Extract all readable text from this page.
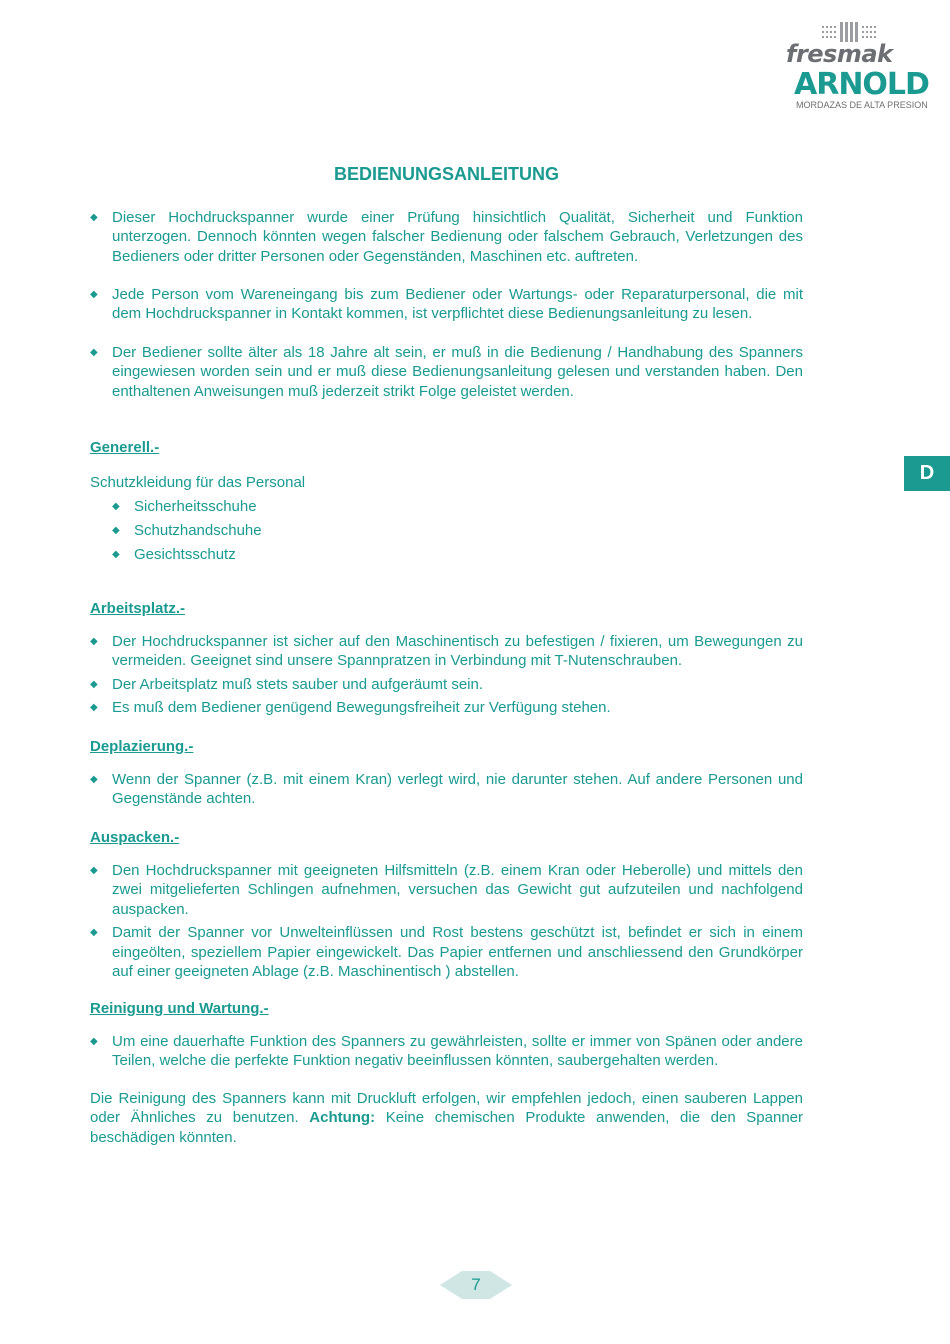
fresmak
ARNOLD
MORDAZAS DE ALTA PRESION
BEDIENUNGSANLEITUNG
◆ Dieser Hochdruckspanner wurde einer Prüfung hinsichtlich Qualität, Sicherheit und Funktion unterzogen. Dennoch könnten wegen falscher Bedienung oder falschem Gebrauch, Verletzungen des Bedieners oder dritter Personen oder Gegenständen, Maschinen etc. auftreten.
◆ Jede Person vom Wareneingang bis zum Bediener oder Wartungs- oder Reparaturpersonal, die mit dem Hochdruckspanner in Kontakt kommen, ist verpflichtet diese Bedienungsanleitung zu lesen.
◆ Der Bediener sollte älter als 18 Jahre alt sein, er muß in die Bedienung / Handhabung des Spanners eingewiesen worden sein und er muß diese Bedienungsanleitung gelesen und verstanden haben. Den enthaltenen Anweisungen muß jederzeit strikt Folge geleistet werden.
Generell.-
Schutzkleidung für das Personal
◆ Sicherheitsschuhe
◆ Schutzhandschuhe
◆ Gesichtsschutz
Arbeitsplatz.-
◆ Der Hochdruckspanner ist sicher auf den Maschinentisch zu befestigen / fixieren, um Bewegungen zu vermeiden. Geeignet sind unsere Spannpratzen in Verbindung mit T-Nutenschrauben.
◆ Der Arbeitsplatz muß stets sauber und aufgeräumt sein.
◆ Es muß dem Bediener genügend Bewegungsfreiheit zur Verfügung stehen.
Deplazierung.-
◆ Wenn der Spanner (z.B. mit einem Kran) verlegt wird, nie darunter stehen. Auf andere Personen und Gegenstände achten.
Auspacken.-
◆ Den Hochdruckspanner mit geeigneten Hilfsmitteln (z.B. einem Kran oder Heberolle) und mittels den zwei mitgelieferten Schlingen aufnehmen, versuchen das Gewicht gut aufzuteilen und nachfolgend auspacken.
◆ Damit der Spanner vor Unwelteinflüssen und Rost bestens geschützt ist, befindet er sich in einem eingeölten, speziellem Papier eingewickelt. Das Papier entfernen und anschliessend den Grundkörper auf einer geeigneten Ablage (z.B. Maschinentisch ) abstellen.
Reinigung und Wartung.-
◆ Um eine dauerhafte Funktion des Spanners zu gewährleisten, sollte er immer von Spänen oder andere Teilen, welche die perfekte Funktion negativ beeinflussen könnten, saubergehalten werden.
Die Reinigung des Spanners kann mit Druckluft erfolgen, wir empfehlen jedoch, einen sauberen Lappen oder Ähnliches zu benutzen. Achtung: Keine chemischen Produkte anwenden, die den Spanner beschädigen könnten.
D
7
